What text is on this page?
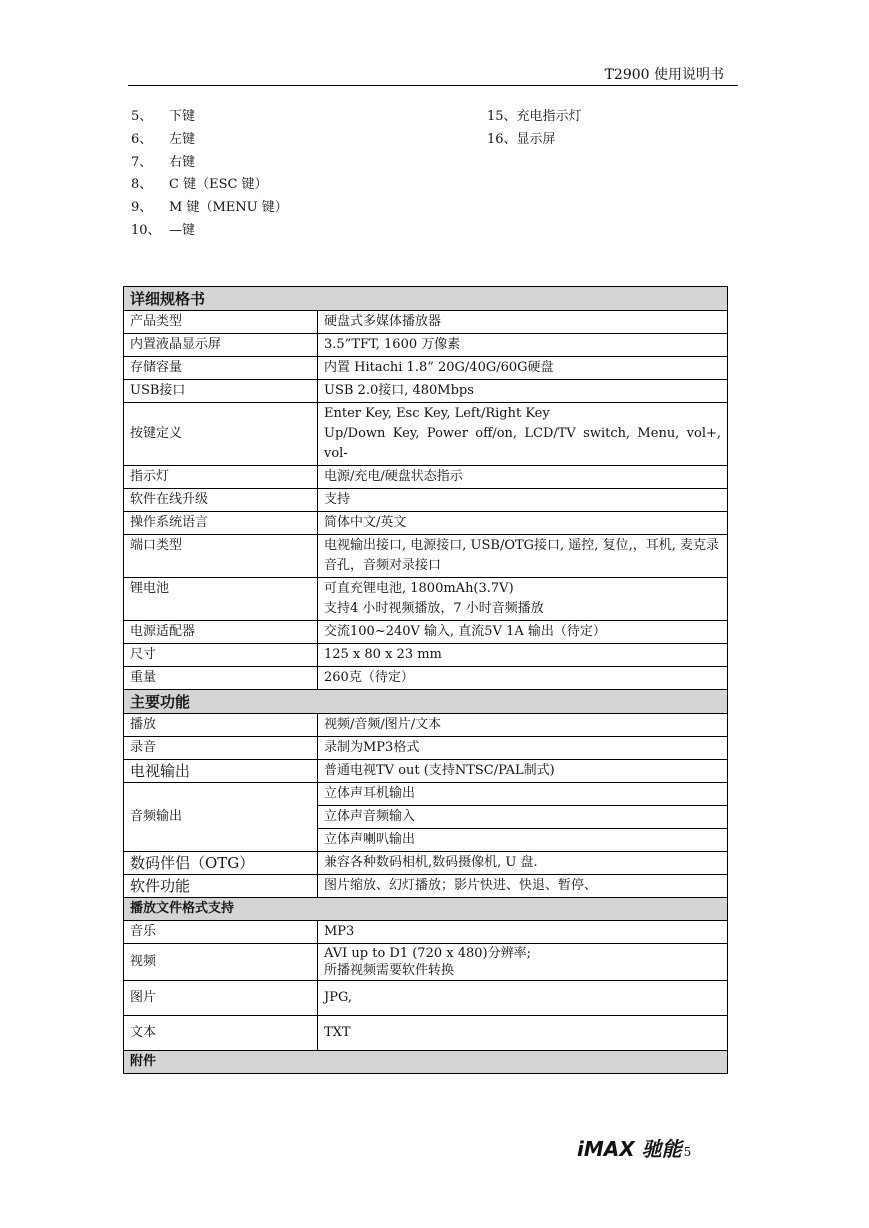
T2900 使用说明书
5、	下键
6、	左键
7、	右键
8、	C 键（ESC 键）
9、	M 键（MENU 键）
10、 —键
15、 充电指示灯
16、 显示屏
详细规格书	
产品类型	硬盘式多媒体播放器
内置液晶显示屏	3.5”TFT, 1600 万像素
存储容量	内置 Hitachi 1.8” 20G/40G/60G硬盘
USB接口	USB 2.0接口, 480Mbps
按键定义	Enter Key, Esc Key, Left/Right Key
Up/Down Key, Power off/on, LCD/TV switch, Menu, vol+, vol-

指示灯	电源/充电/硬盘状态指示
软件在线升级	支持
操作系统语言	简体中文/英文
端口类型	电视输出接口, 电源接口, USB/OTG接口, 遥控, 复位,，耳机, 麦克录音孔，音频对录接口
锂电池	可直充锂电池, 1800mAh(3.7V)
支持4 小时视频播放，7 小时音频播放

电源适配器	交流100~240V 输入, 直流5V 1A 输出（待定）
尺寸	125 x 80 x 23 mm
重量	260克（待定）
主要功能	
播放	视频/音频/图片/文本
录音	录制为MP3格式
电视输出	普通电视TV out (支持NTSC/PAL制式)
音频输出	立体声耳机输出
	立体声音频输入
	立体声喇叭输出
数码伴侣（OTG）	兼容各种数码相机,数码摄像机, U 盘.
软件功能	图片缩放、幻灯播放；影片快进、快退、暂停、
播放文件格式支持	
音乐	MP3
视频	AVI up to D1 (720 x 480)分辨率;
所播视频需要软件转换

图片	JPG,
文本	TXT
附件	
iMAX 驰能 5
